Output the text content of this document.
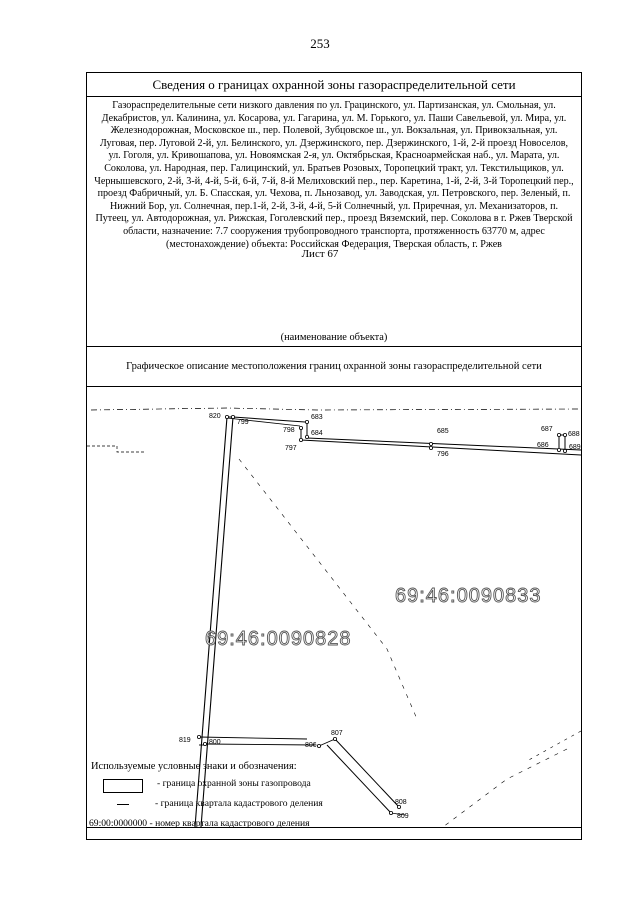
253
Лист 67
Сведения о границах охранной зоны газораспределительной сети
Газораспределительные сети низкого давления по ул. Грацинского, ул. Партизанская, ул. Смольная, ул. Декабристов, ул. Калинина, ул. Косарова, ул. Гагарина, ул. М. Горького, ул. Паши Савельевой, ул. Мира, ул. Железнодорожная, Московское ш., пер. Полевой, Зубцовское ш., ул. Вокзальная, ул. Привокзальная, ул. Луговая, пер. Луговой 2-й, ул. Белинского, ул. Дзержинского, пер. Дзержинского, 1-й, 2-й проезд Новоселов, ул. Гоголя, ул. Кривошапова, ул. Новоямская 2-я, ул. Октябрьская, Красноармейская наб., ул. Марата, ул. Соколова, ул. Народная, пер. Галицинский, ул. Братьев Розовых, Торопецкий тракт, ул. Текстильщиков, ул. Чернышевского, 2-й, 3-й, 4-й, 5-й, 6-й, 7-й, 8-й Мелиховский пер., пер. Каретина, 1-й, 2-й, 3-й Торопецкий пер., проезд Фабричный, ул. Б. Спасская, ул. Чехова, п. Льнозавод, ул. Заводская, ул. Петровского, пер. Зеленый, п. Нижний Бор, ул. Солнечная, пер.1-й, 2-й, 3-й, 4-й, 5-й Солнечный, ул. Приречная, ул. Механизаторов, п. Путеец, ул. Автодорожная, ул. Рижская, Гоголевский пер., проезд Вяземский, пер. Соколова в г. Ржев Тверской области, назначение: 7.7 сооружения трубопроводного транспорта, протяженность 63770 м, адрес (местонахождение) объекта: Российская Федерация, Тверская область, г. Ржев
(наименование объекта)
Графическое описание местоположения границ охранной зоны газораспределительной сети
820
799
683
798 684
797
685	687
688
686	689
796
807
819	800	806
808
809
69:46:0090833
69:46:0090828
Используемые условные знаки и обозначения:
- граница охранной зоны газопровода
- граница квартала кадастрового деления
69:00:0000000 - номер квартала кадастрового деления
